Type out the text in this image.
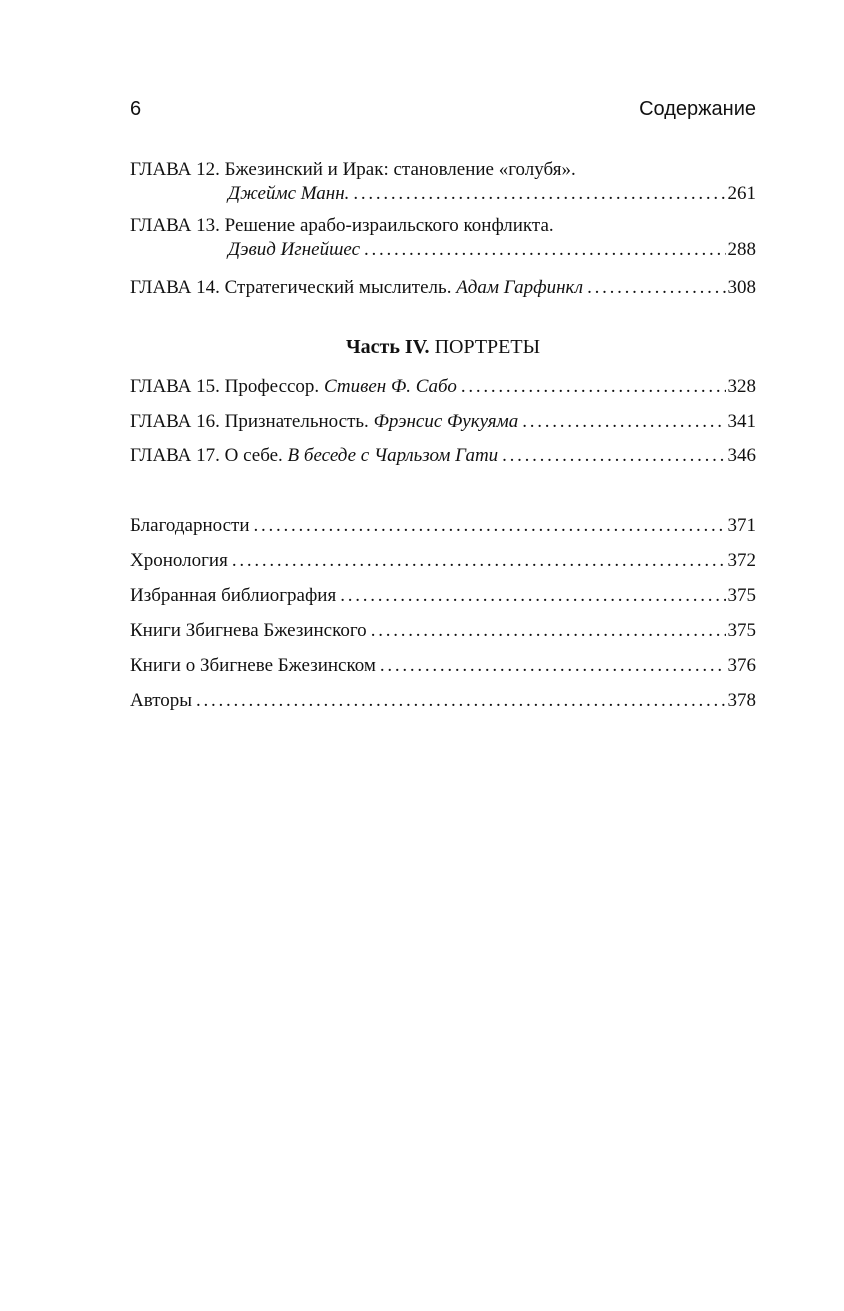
6	Содержание
ГЛАВА 12. Бжезинский и Ирак: становление «голубя».
Джеймс Манн. . . .	261
ГЛАВА 13. Решение арабо-израильского конфликта.
Дэвид Игнейшес . . .	288
ГЛАВА 14. Стратегический мыслитель. Адам Гарфинкл . . .	308
Часть IV. ПОРТРЕТЫ
ГЛАВА 15. Профессор. Стивен Ф. Сабо . . .	328
ГЛАВА 16. Признательность. Фрэнсис Фукуяма . . .	341
ГЛАВА 17. О себе. В беседе с Чарльзом Гати . . .	346
Благодарности . . .	371
Хронология . . .	372
Избранная библиография . . .	375
Книги Збигнева Бжезинского . . .	375
Книги о Збигневе Бжезинском . . .	376
Авторы . . .	378
